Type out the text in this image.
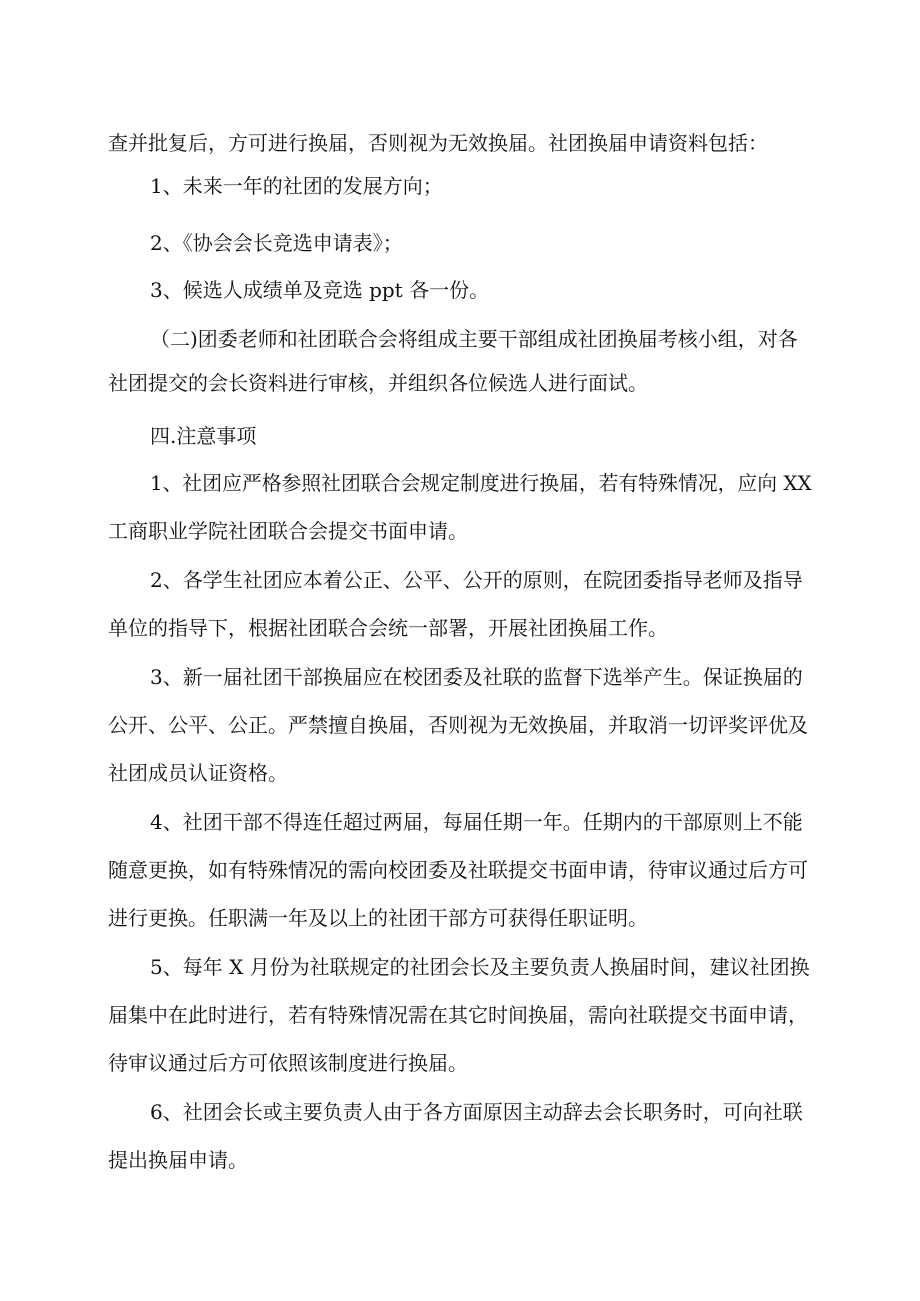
查并批复后，方可进行换届，否则视为无效换届。社团换届申请资料包括：

1、未来一年的社团的发展方向；

2、《协会会长竞选申请表》；

3、候选人成绩单及竞选 ppt 各一份。

（二)团委老师和社团联合会将组成主要干部组成社团换届考核小组，对各

社团提交的会长资料进行审核，并组织各位候选人进行面试。

四.注意事项

1、社团应严格参照社团联合会规定制度进行换届，若有特殊情况，应向 XX

工商职业学院社团联合会提交书面申请。

2、各学生社团应本着公正、公平、公开的原则，在院团委指导老师及指导

单位的指导下，根据社团联合会统一部署，开展社团换届工作。

3、新一届社团干部换届应在校团委及社联的监督下选举产生。保证换届的

公开、公平、公正。严禁擅自换届，否则视为无效换届，并取消一切评奖评优及

社团成员认证资格。

4、社团干部不得连任超过两届，每届任期一年。任期内的干部原则上不能

随意更换，如有特殊情况的需向校团委及社联提交书面申请，待审议通过后方可

进行更换。任职满一年及以上的社团干部方可获得任职证明。

5、每年 X 月份为社联规定的社团会长及主要负责人换届时间，建议社团换

届集中在此时进行，若有特殊情况需在其它时间换届，需向社联提交书面申请，

待审议通过后方可依照该制度进行换届。

6、社团会长或主要负责人由于各方面原因主动辞去会长职务时，可向社联

提出换届申请。
